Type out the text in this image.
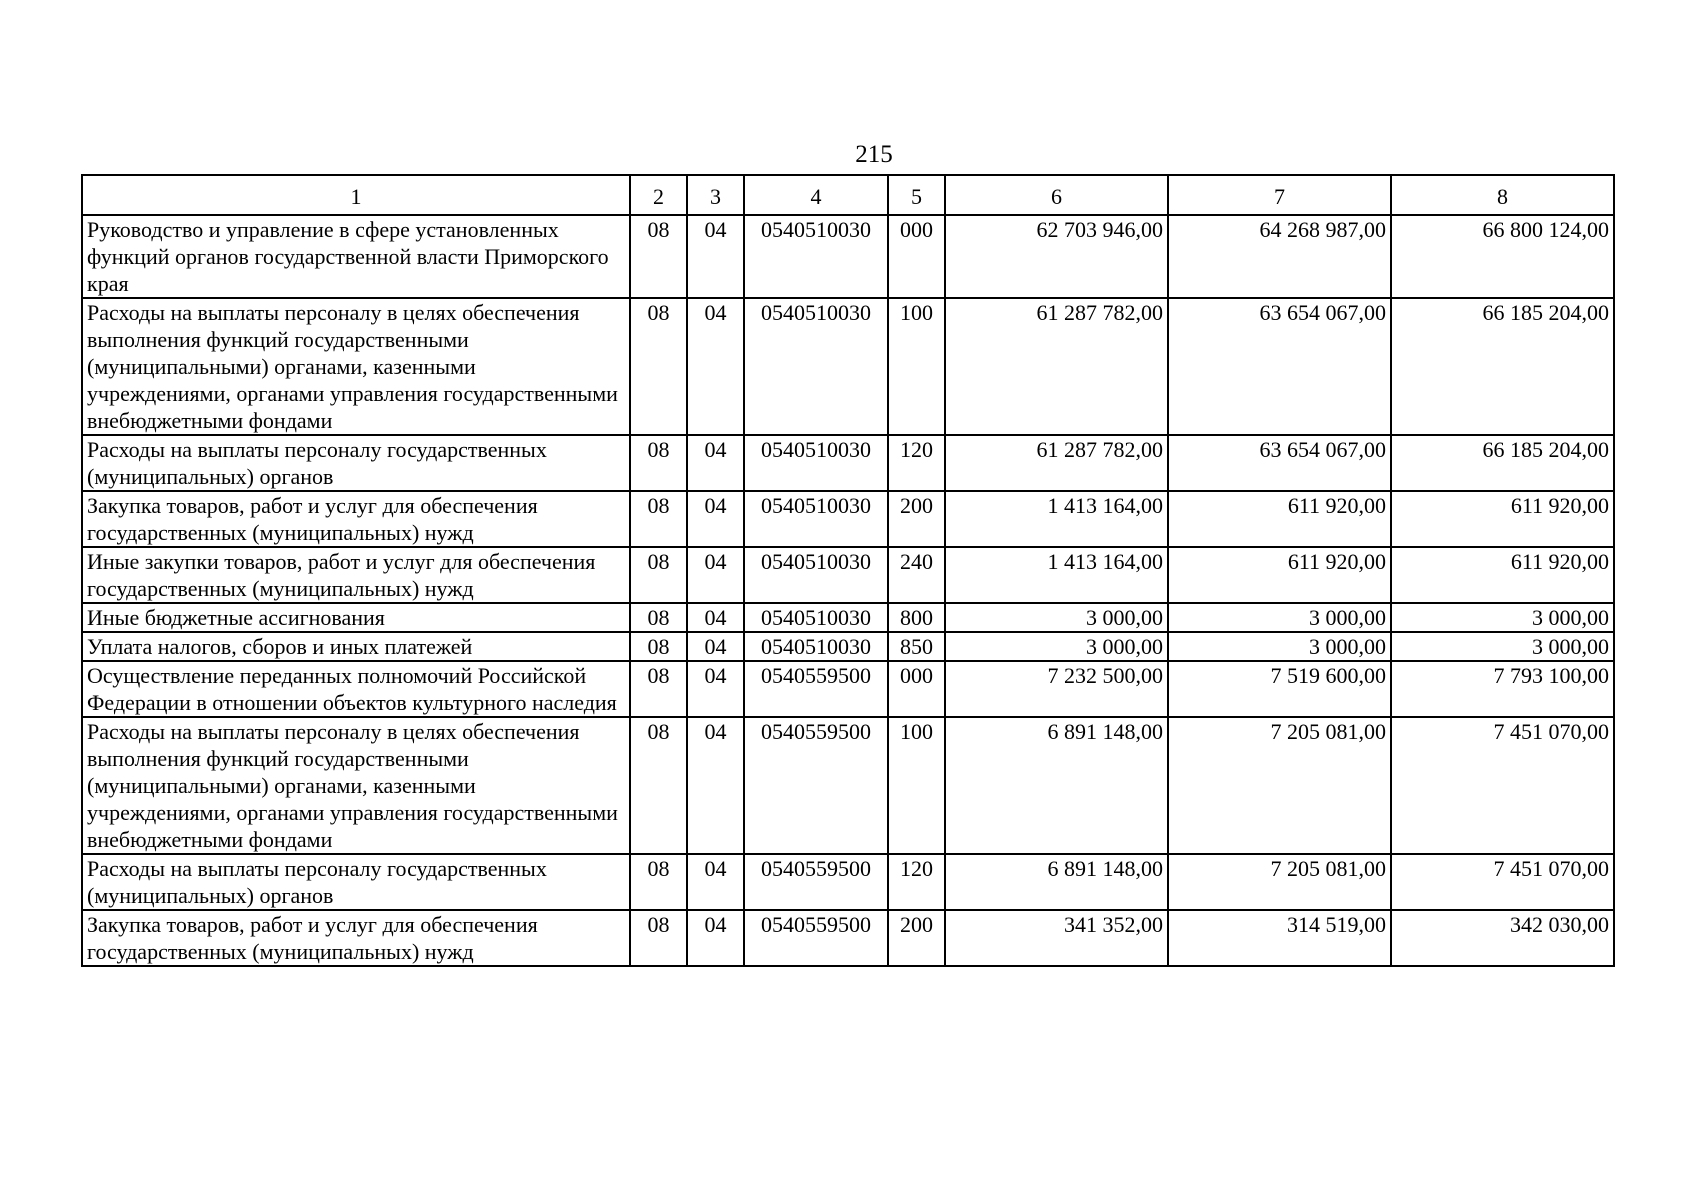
215
1	2	3	4	5	6	7	8
Руководство и управление в сфере установленных функций органов государственной власти Приморского края	08	04	0540510030	000	62 703 946,00	64 268 987,00	66 800 124,00
Расходы на выплаты персоналу в целях обеспечения выполнения функций государственными (муниципальными) органами, казенными учреждениями, органами управления государственными внебюджетными фондами	08	04	0540510030	100	61 287 782,00	63 654 067,00	66 185 204,00
Расходы на выплаты персоналу государственных (муниципальных) органов	08	04	0540510030	120	61 287 782,00	63 654 067,00	66 185 204,00
Закупка товаров, работ и услуг для обеспечения государственных (муниципальных) нужд	08	04	0540510030	200	1 413 164,00	611 920,00	611 920,00
Иные закупки товаров, работ и услуг для обеспечения государственных (муниципальных) нужд	08	04	0540510030	240	1 413 164,00	611 920,00	611 920,00
Иные бюджетные ассигнования	08	04	0540510030	800	3 000,00	3 000,00	3 000,00
Уплата налогов, сборов и иных платежей	08	04	0540510030	850	3 000,00	3 000,00	3 000,00
Осуществление переданных полномочий Российской Федерации в отношении объектов культурного наследия	08	04	0540559500	000	7 232 500,00	7 519 600,00	7 793 100,00
Расходы на выплаты персоналу в целях обеспечения выполнения функций государственными (муниципальными) органами, казенными учреждениями, органами управления государственными внебюджетными фондами	08	04	0540559500	100	6 891 148,00	7 205 081,00	7 451 070,00
Расходы на выплаты персоналу государственных (муниципальных) органов	08	04	0540559500	120	6 891 148,00	7 205 081,00	7 451 070,00
Закупка товаров, работ и услуг для обеспечения государственных (муниципальных) нужд	08	04	0540559500	200	341 352,00	314 519,00	342 030,00
